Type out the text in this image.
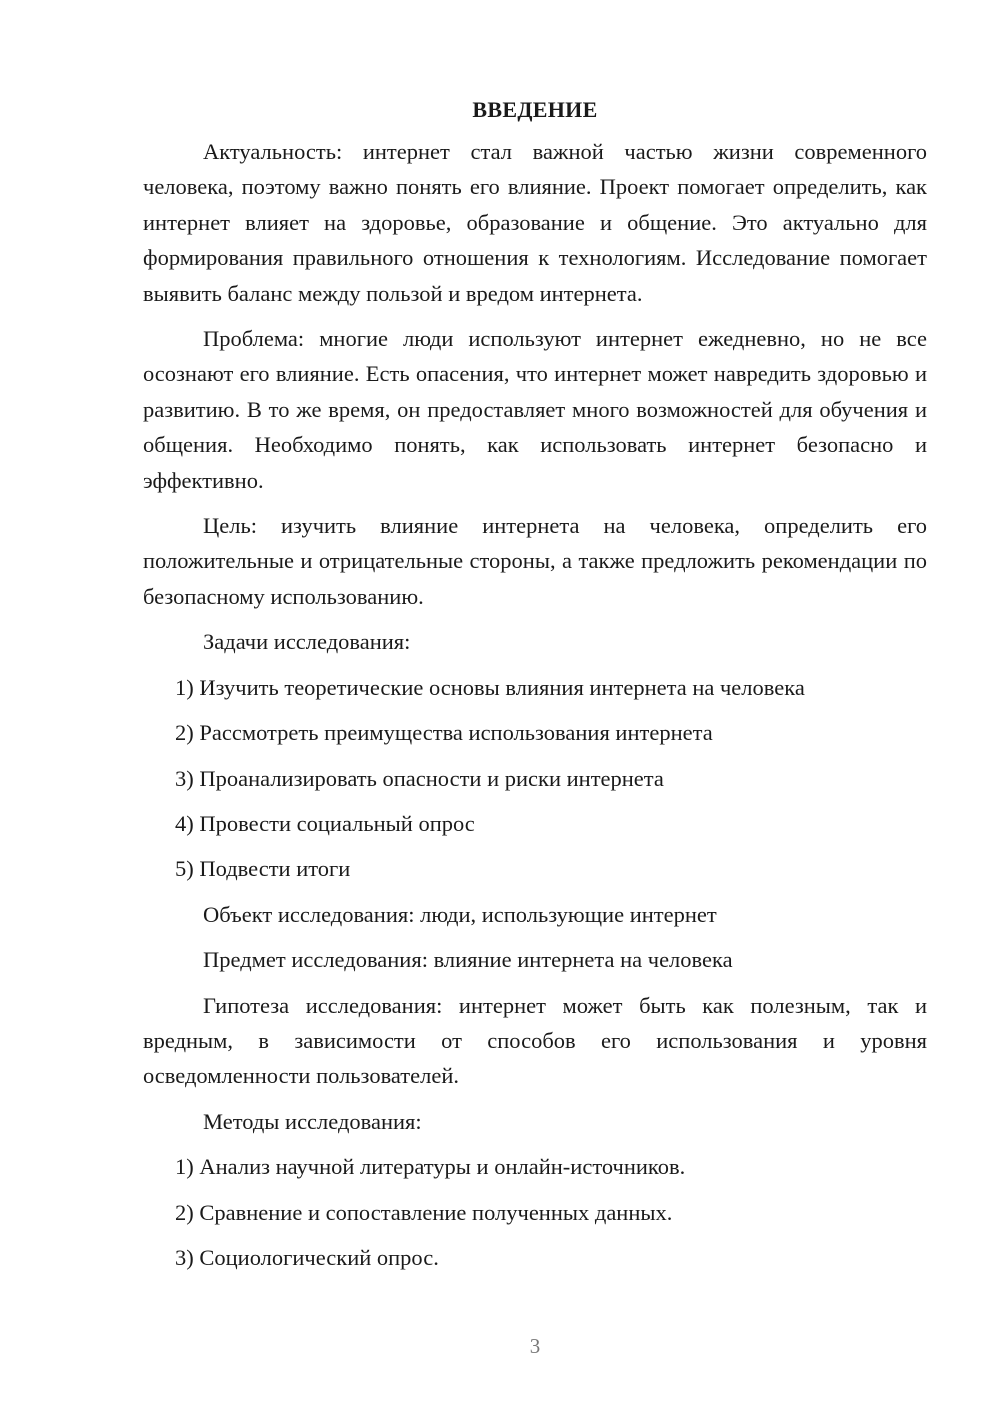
ВВЕДЕНИЕ

Актуальность: интернет стал важной частью жизни современного человека, поэтому важно понять его влияние. Проект помогает определить, как интернет влияет на здоровье, образование и общение. Это актуально для формирования правильного отношения к технологиям. Исследование помогает выявить баланс между пользой и вредом интернета.

Проблема: многие люди используют интернет ежедневно, но не все осознают его влияние. Есть опасения, что интернет может навредить здоровью и развитию. В то же время, он предоставляет много возможностей для обучения и общения. Необходимо понять, как использовать интернет безопасно и эффективно.

Цель: изучить влияние интернета на человека, определить его положительные и отрицательные стороны, а также предложить рекомендации по безопасному использованию.

Задачи исследования:
1) Изучить теоретические основы влияния интернета на человека
2) Рассмотреть преимущества использования интернета
3) Проанализировать опасности и риски интернета
4) Провести социальный опрос
5) Подвести итоги
Объект исследования: люди, использующие интернет
Предмет исследования: влияние интернета на человека

Гипотеза исследования: интернет может быть как полезным, так и вредным, в зависимости от способов его использования и уровня осведомленности пользователей.

Методы исследования:
1) Анализ научной литературы и онлайн-источников.
2) Сравнение и сопоставление полученных данных.
3) Социологический опрос.
3
